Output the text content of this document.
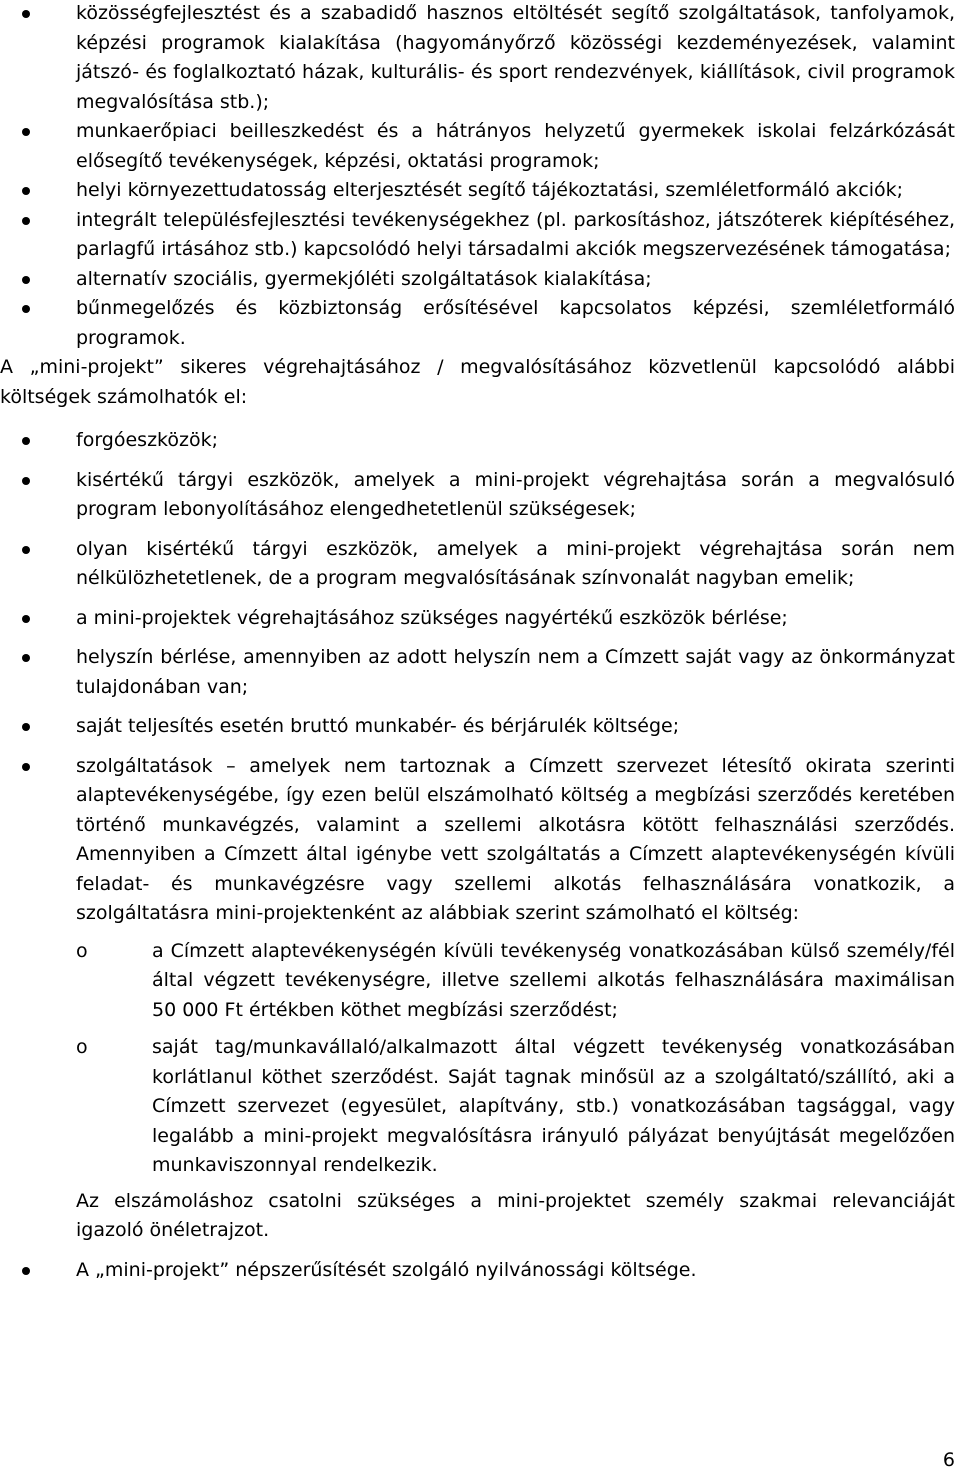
közösségfejlesztést és a szabadidő hasznos eltöltését segítő szolgáltatások, tanfolyamok, képzési programok kialakítása (hagyományőrző közösségi kezdeményezések, valamint játszó- és foglalkoztató házak, kulturális- és sport rendezvények, kiállítások, civil programok megvalósítása stb.);
munkaerőpiaci beilleszkedést és a hátrányos helyzetű gyermekek iskolai felzárkózását elősegítő tevékenységek, képzési, oktatási programok;
helyi környezettudatosság elterjesztését segítő tájékoztatási, szemléletformáló akciók;
integrált településfejlesztési tevékenységekhez (pl. parkosításhoz, játszóterek kiépítéséhez, parlagfű irtásához stb.) kapcsolódó helyi társadalmi akciók megszervezésének támogatása;
alternatív szociális, gyermekjóléti szolgáltatások kialakítása;
bűnmegelőzés és közbiztonság erősítésével kapcsolatos képzési, szemléletformáló programok.

A „mini-projekt” sikeres végrehajtásához / megvalósításához közvetlenül kapcsolódó alábbi költségek számolhatók el:

forgóeszközök;
kisértékű tárgyi eszközök, amelyek a mini-projekt végrehajtása során a megvalósuló program lebonyolításához elengedhetetlenül szükségesek;
olyan kisértékű tárgyi eszközök, amelyek a mini-projekt végrehajtása során nem nélkülözhetetlenek, de a program megvalósításának színvonalát nagyban emelik;
a mini-projektek végrehajtásához szükséges nagyértékű eszközök bérlése;
helyszín bérlése, amennyiben az adott helyszín nem a Címzett saját vagy az önkormányzat tulajdonában van;
saját teljesítés esetén bruttó munkabér- és bérjárulék költsége;
szolgáltatások – amelyek nem tartoznak a Címzett szervezet létesítő okirata szerinti alaptevékenységébe, így ezen belül elszámolható költség a megbízási szerződés keretében történő munkavégzés, valamint a szellemi alkotásra kötött felhasználási szerződés. Amennyiben a Címzett által igénybe vett szolgáltatás a Címzett alaptevékenységén kívüli feladat- és munkavégzésre vagy szellemi alkotás felhasználására vonatkozik, a szolgáltatásra mini-projektenként az alábbiak szerint számolható el költség:
o	a Címzett alaptevékenységén kívüli tevékenység vonatkozásában külső személy/fél által végzett tevékenységre, illetve szellemi alkotás felhasználására maximálisan 50 000 Ft értékben köthet megbízási szerződést;
o	saját tag/munkavállaló/alkalmazott által végzett tevékenység vonatkozásában korlátlanul köthet szerződést. Saját tagnak minősül az a szolgáltató/szállító, aki a Címzett szervezet (egyesület, alapítvány, stb.) vonatkozásában tagsággal, vagy legalább a mini-projekt megvalósításra irányuló pályázat benyújtását megelőzően munkaviszonnyal rendelkezik.

Az elszámoláshoz csatolni szükséges a mini-projektet személy szakmai relevanciáját igazoló önéletrajzot.

A „mini-projekt” népszerűsítését szolgáló nyilvánossági költsége.
6
